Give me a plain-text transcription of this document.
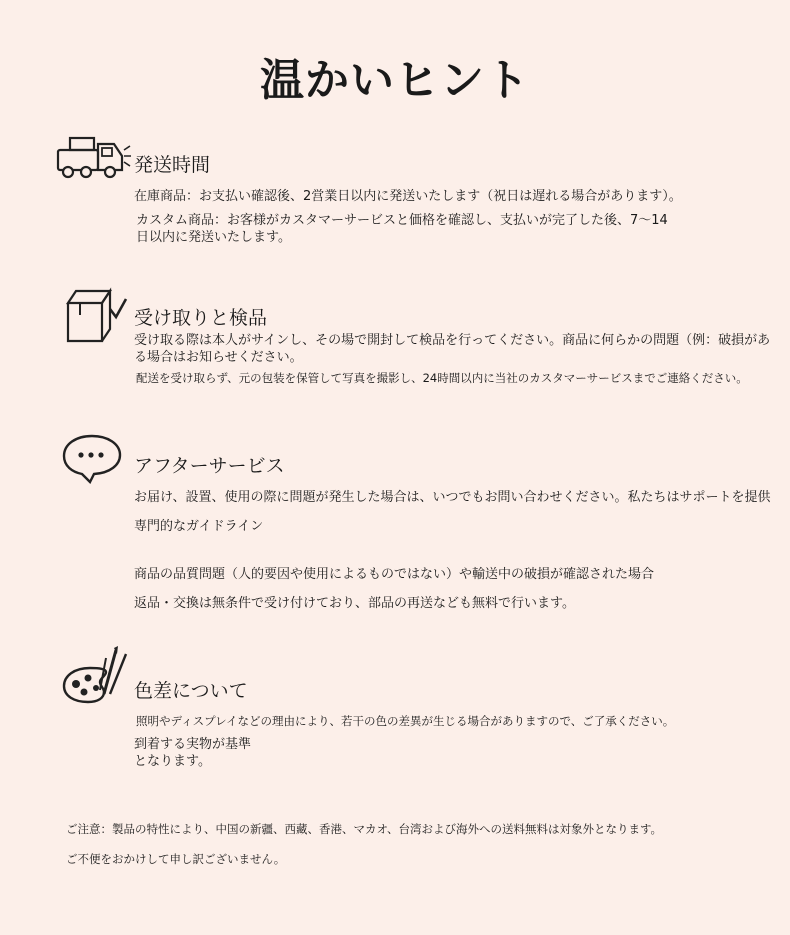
温かいヒント
発送時間
在庫商品：お支払い確認後、2営業日以内に発送いたします（祝日は遅れる場合があります）。
カスタム商品：お客様がカスタマーサービスと価格を確認し、支払いが完了した後、7〜14
日以内に発送いたします。
受け取りと検品
受け取る際は本人がサインし、その場で開封して検品を行ってください。商品に何らかの問題（例：破損があ
る場合はお知らせください。
配送を受け取らず、元の包装を保管して写真を撮影し、24時間以内に当社のカスタマーサービスまでご連絡ください。
アフターサービス
お届け、設置、使用の際に問題が発生した場合は、いつでもお問い合わせください。私たちはサポートを提供
専門的なガイドライン
商品の品質問題（人的要因や使用によるものではない）や輸送中の破損が確認された場合
返品・交換は無条件で受け付けており、部品の再送なども無料で行います。
色差について
照明やディスプレイなどの理由により、若干の色の差異が生じる場合がありますので、ご了承ください。
到着する実物が基準
となります。
ご注意：製品の特性により、中国の新疆、西藏、香港、マカオ、台湾および海外への送料無料は対象外となります。
ご不便をおかけして申し訳ございません。
